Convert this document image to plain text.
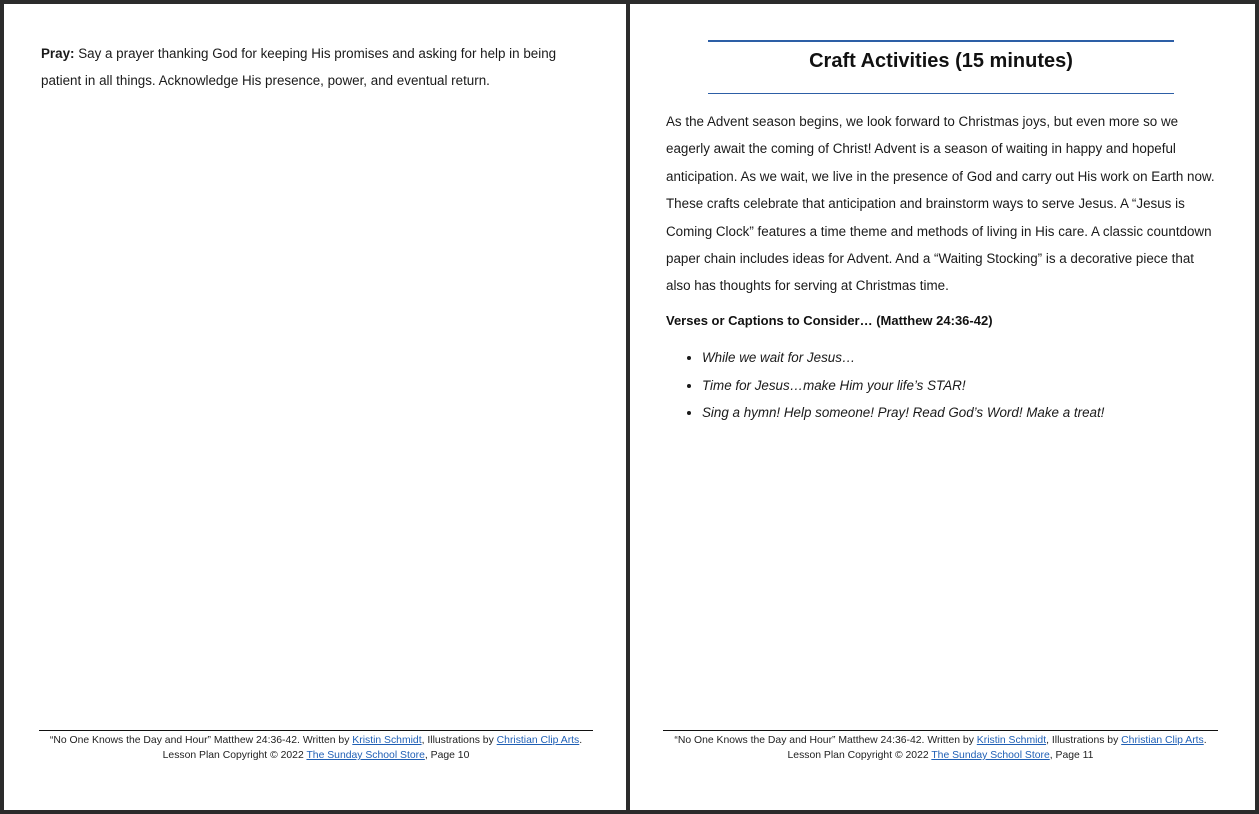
Pray: Say a prayer thanking God for keeping His promises and asking for help in being patient in all things. Acknowledge His presence, power, and eventual return.
“No One Knows the Day and Hour” Matthew 24:36-42. Written by Kristin Schmidt, Illustrations by Christian Clip Arts. Lesson Plan Copyright © 2022 The Sunday School Store, Page 10
Craft Activities (15 minutes)
As the Advent season begins, we look forward to Christmas joys, but even more so we eagerly await the coming of Christ! Advent is a season of waiting in happy and hopeful anticipation. As we wait, we live in the presence of God and carry out His work on Earth now. These crafts celebrate that anticipation and brainstorm ways to serve Jesus. A “Jesus is Coming Clock” features a time theme and methods of living in His care. A classic countdown paper chain includes ideas for Advent. And a “Waiting Stocking” is a decorative piece that also has thoughts for serving at Christmas time.
Verses or Captions to Consider… (Matthew 24:36-42)
• While we wait for Jesus…
• Time for Jesus…make Him your life’s STAR!
• Sing a hymn! Help someone! Pray! Read God’s Word! Make a treat!
“No One Knows the Day and Hour” Matthew 24:36-42. Written by Kristin Schmidt, Illustrations by Christian Clip Arts. Lesson Plan Copyright © 2022 The Sunday School Store, Page 11
